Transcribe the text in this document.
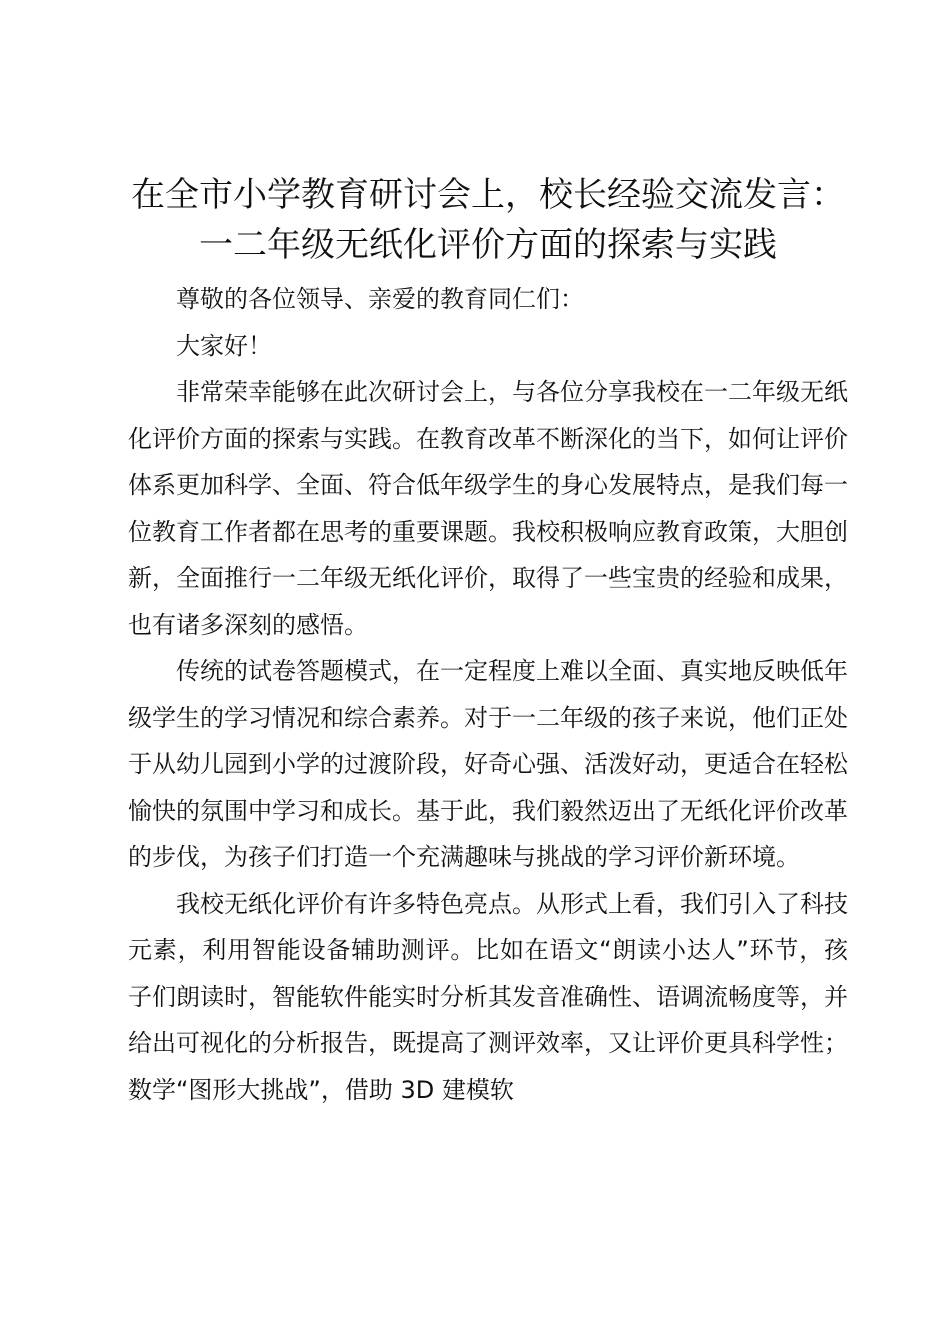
在全市小学教育研讨会上，校长经验交流发言：
一二年级无纸化评价方面的探索与实践

尊敬的各位领导、亲爱的教育同仁们：

大家好！

非常荣幸能够在此次研讨会上，与各位分享我校在一二年级无纸化评价方面的探索与实践。在教育改革不断深化的当下，如何让评价体系更加科学、全面、符合低年级学生的身心发展特点，是我们每一位教育工作者都在思考的重要课题。我校积极响应教育政策，大胆创新，全面推行一二年级无纸化评价，取得了一些宝贵的经验和成果，也有诸多深刻的感悟。

传统的试卷答题模式，在一定程度上难以全面、真实地反映低年级学生的学习情况和综合素养。对于一二年级的孩子来说，他们正处于从幼儿园到小学的过渡阶段，好奇心强、活泼好动，更适合在轻松愉快的氛围中学习和成长。基于此，我们毅然迈出了无纸化评价改革的步伐，为孩子们打造一个充满趣味与挑战的学习评价新环境。

我校无纸化评价有许多特色亮点。从形式上看，我们引入了科技元素，利用智能设备辅助测评。比如在语文“朗读小达人”环节，孩子们朗读时，智能软件能实时分析其发音准确性、语调流畅度等，并给出可视化的分析报告，既提高了测评效率，又让评价更具科学性；数学“图形大挑战”，借助 3D 建模软
